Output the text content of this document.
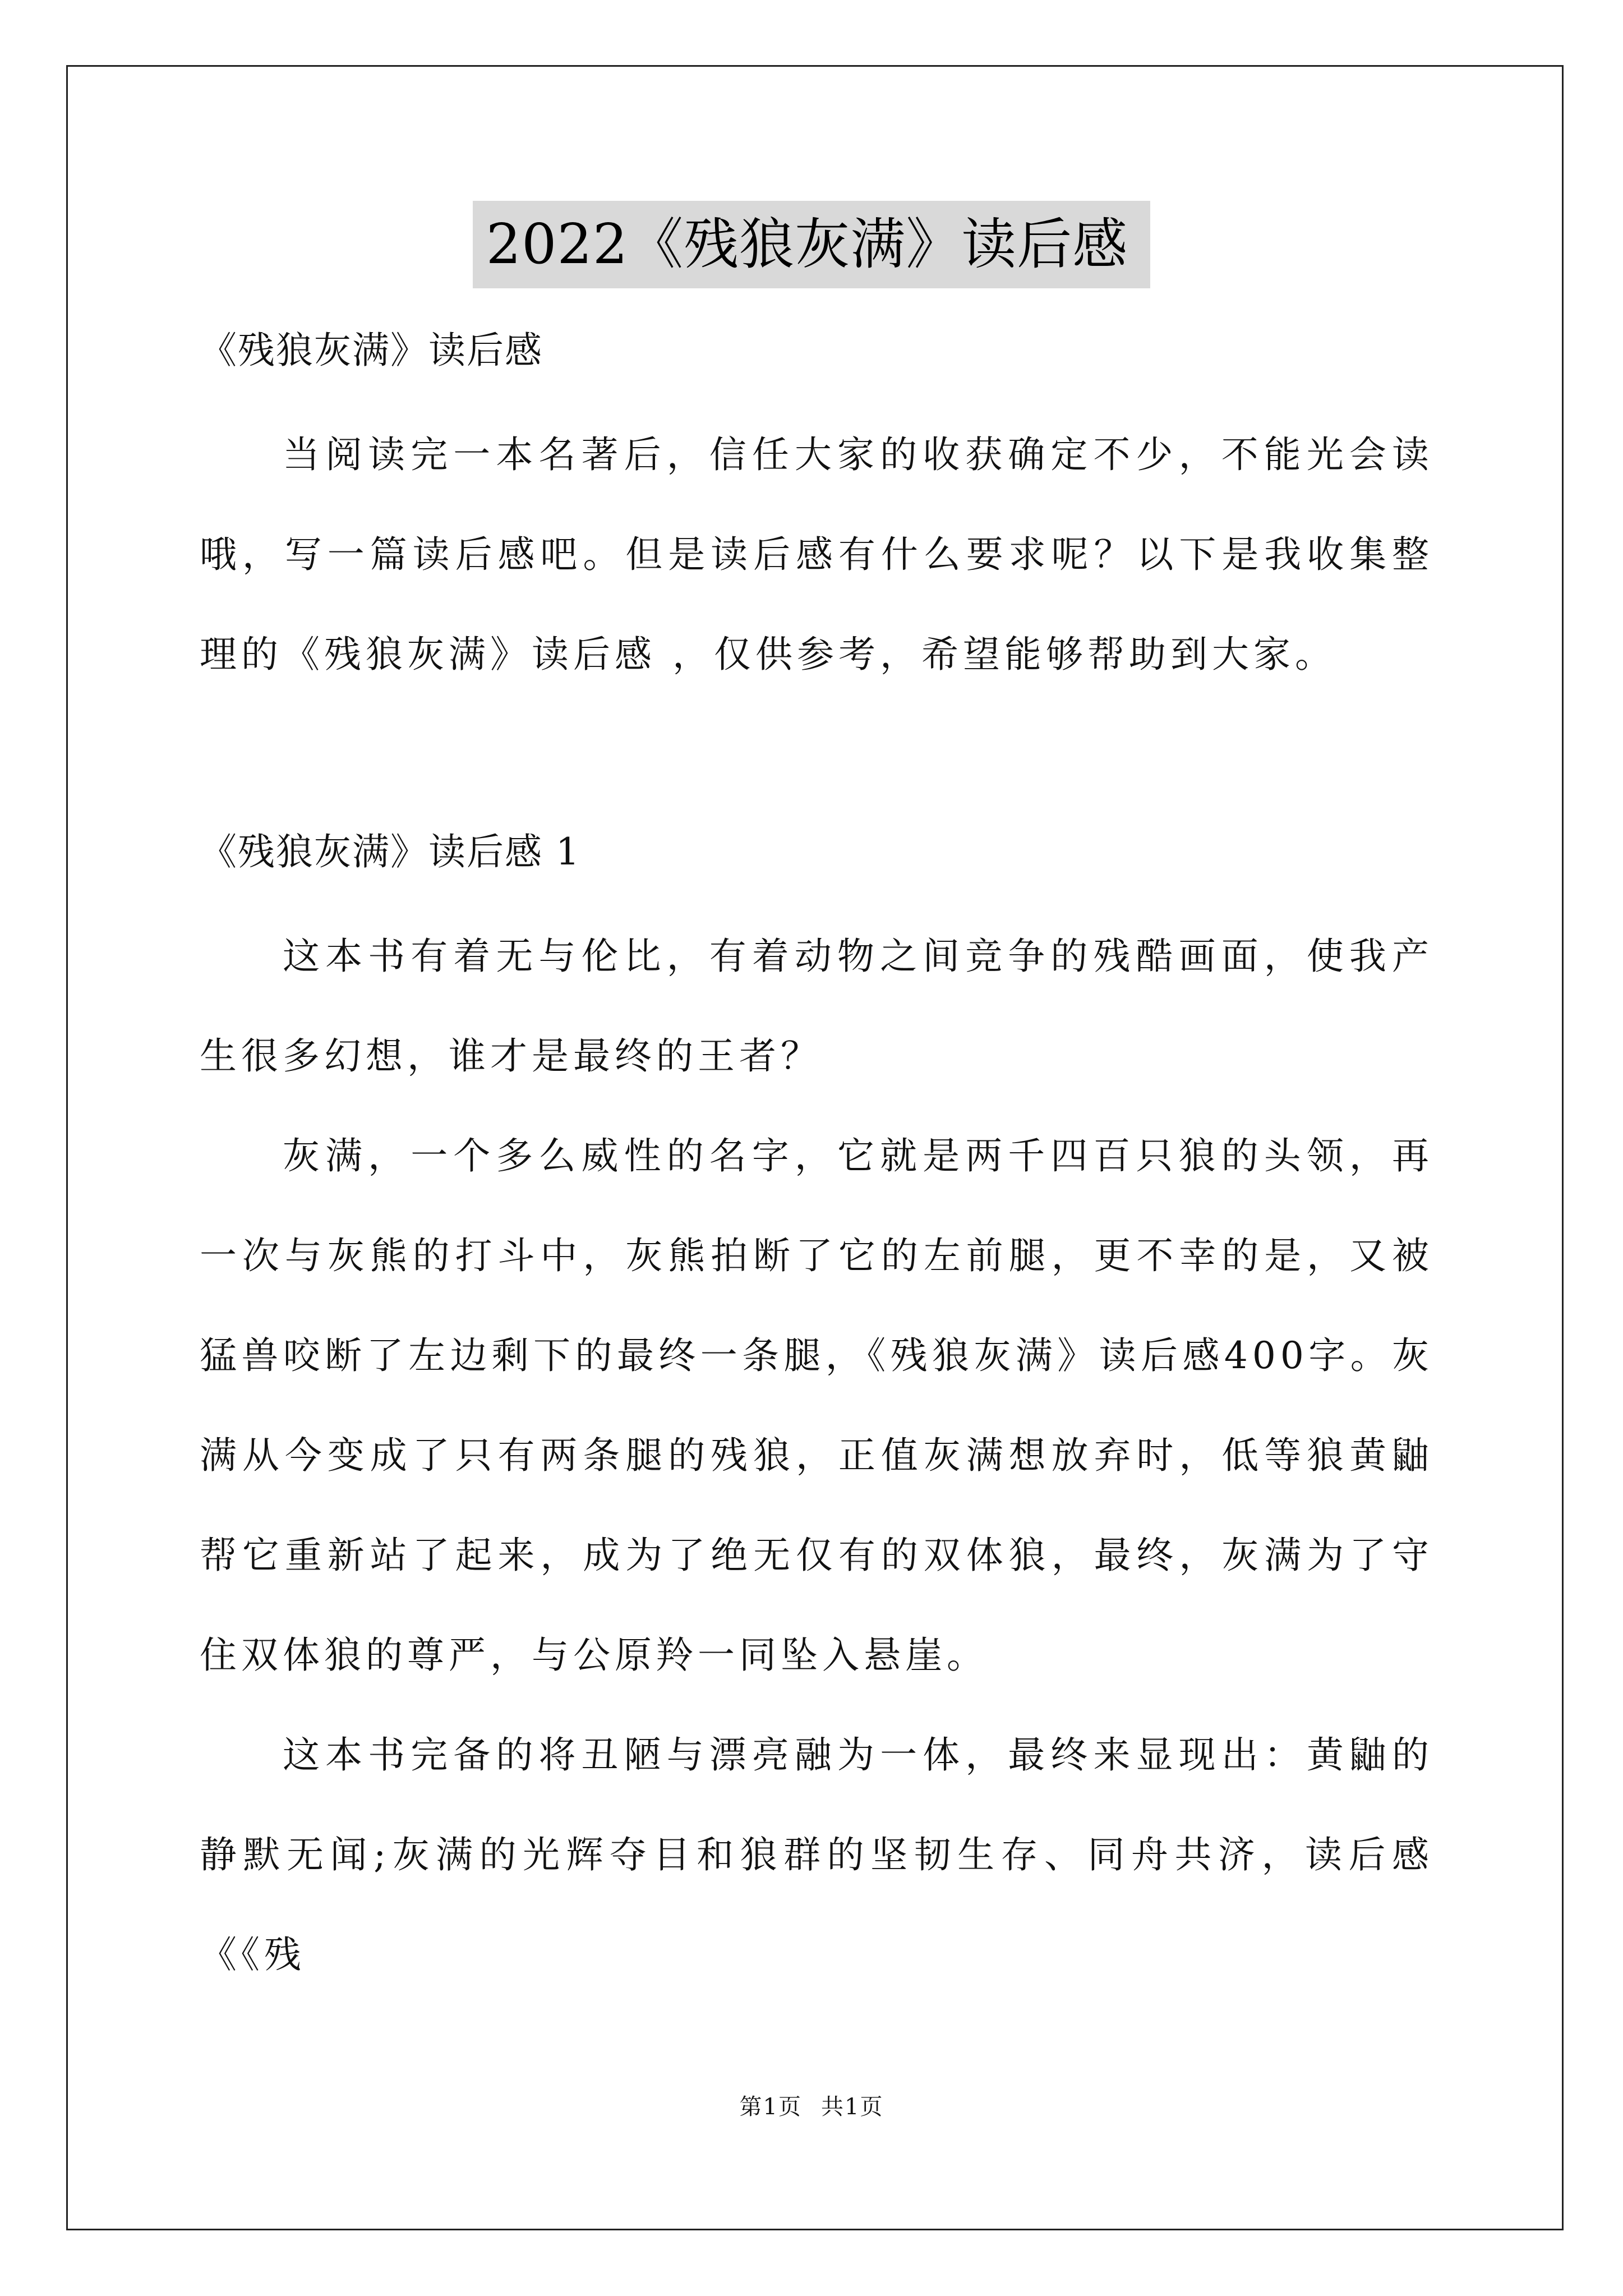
2022《残狼灰满》读后感

《残狼灰满》读后感

当阅读完一本名著后，信任大家的收获确定不少，不能光会读哦，写一篇读后感吧。但是读后感有什么要求呢？以下是我收集整理的《残狼灰满》读后感 ，仅供参考，希望能够帮助到大家。

《残狼灰满》读后感 1

这本书有着无与伦比，有着动物之间竞争的残酷画面，使我产生很多幻想，谁才是最终的王者？

灰满，一个多么威性的名字，它就是两千四百只狼的头领，再一次与灰熊的打斗中，灰熊拍断了它的左前腿，更不幸的是，又被猛兽咬断了左边剩下的最终一条腿，《残狼灰满》读后感400字。灰满从今变成了只有两条腿的残狼，正值灰满想放弃时，低等狼黄鼬帮它重新站了起来，成为了绝无仅有的双体狼，最终，灰满为了守住双体狼的尊严，与公原羚一同坠入悬崖。

这本书完备的将丑陋与漂亮融为一体，最终来显现出：黄鼬的静默无闻;灰满的光辉夺目和狼群的坚韧生存、同舟共济，读后感《《残

第1页 共1页
